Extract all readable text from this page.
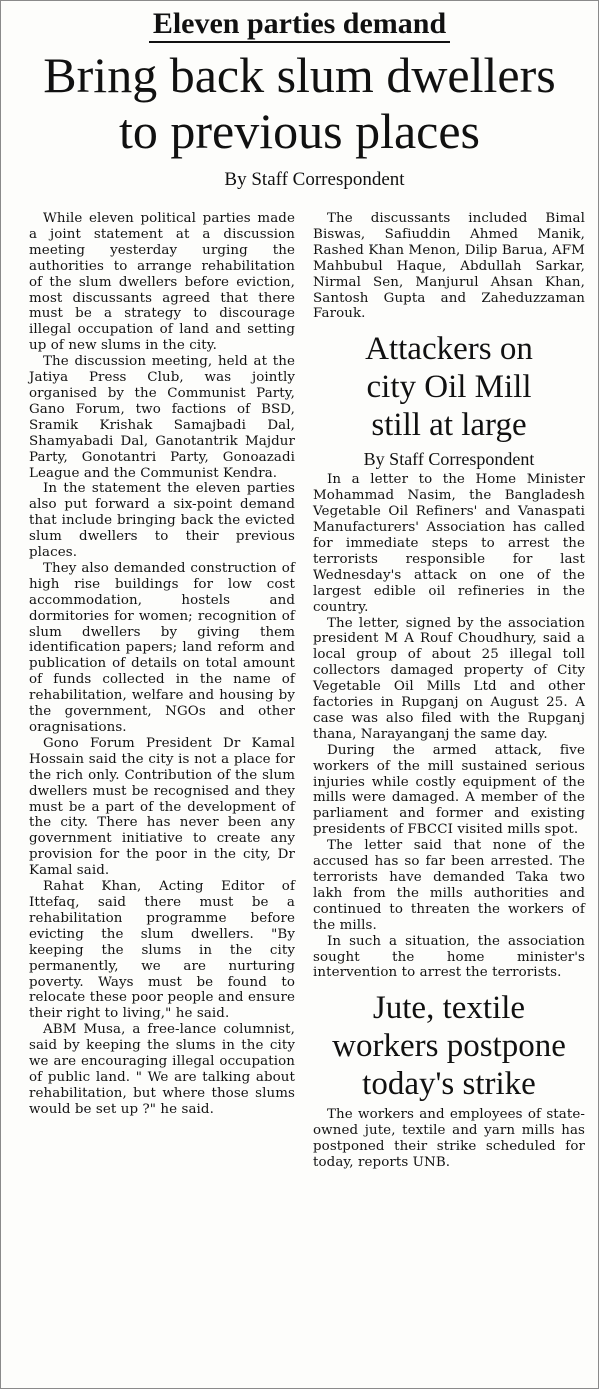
Eleven parties demand
Bring back slum dwellers
to previous places
By Staff Correspondent

While eleven political parties made a joint statement at a discussion meeting yesterday urging the authorities to arrange rehabilitation of the slum dwellers before eviction, most discussants agreed that there must be a strategy to discourage illegal occupation of land and setting up of new slums in the city.

The discussion meeting, held at the Jatiya Press Club, was jointly organised by the Communist Party, Gano Forum, two factions of BSD, Sramik Krishak Samajbadi Dal, Shamyabadi Dal, Ganotantrik Majdur Party, Gonotantri Party, Gonoazadi League and the Communist Kendra.

In the statement the eleven parties also put forward a six-point demand that include bringing back the evicted slum dwellers to their previous places.

They also demanded construction of high rise buildings for low cost accommodation, hostels and dormitories for women; recognition of slum dwellers by giving them identification papers; land reform and publication of details on total amount of funds collected in the name of rehabilitation, welfare and housing by the government, NGOs and other oragnisations.

Gono Forum President Dr Kamal Hossain said the city is not a place for the rich only. Contribution of the slum dwellers must be recognised and they must be a part of the development of the city. There has never been any government initiative to create any provision for the poor in the city, Dr Kamal said.

Rahat Khan, Acting Editor of Ittefaq, said there must be a rehabilitation programme before evicting the slum dwellers. "By keeping the slums in the city permanently, we are nurturing poverty. Ways must be found to relocate these poor people and ensure their right to living," he said.

ABM Musa, a free-lance columnist, said by keeping the slums in the city we are encouraging illegal occupation of public land. " We are talking about rehabilitation, but where those slums would be set up ?" he said.

The discussants included Bimal Biswas, Safiuddin Ahmed Manik, Rashed Khan Menon, Dilip Barua, AFM Mahbubul Haque, Abdullah Sarkar, Nirmal Sen, Manjurul Ahsan Khan, Santosh Gupta and Zaheduzzaman Farouk.

Attackers on
city Oil Mill
still at large
By Staff Correspondent

In a letter to the Home Minister Mohammad Nasim, the Bangladesh Vegetable Oil Refiners' and Vanaspati Manufacturers' Association has called for immediate steps to arrest the terrorists responsible for last Wednesday's attack on one of the largest edible oil refineries in the country.

The letter, signed by the association president M A Rouf Choudhury, said a local group of about 25 illegal toll collectors damaged property of City Vegetable Oil Mills Ltd and other factories in Rupganj on August 25. A case was also filed with the Rupganj thana, Narayanganj the same day.

During the armed attack, five workers of the mill sustained serious injuries while costly equipment of the mills were damaged. A member of the parliament and former and existing presidents of FBCCI visited mills spot.

The letter said that none of the accused has so far been arrested. The terrorists have demanded Taka two lakh from the mills authorities and continued to threaten the workers of the mills.

In such a situation, the association sought the home minister's intervention to arrest the terrorists.

Jute, textile
workers postpone
today's strike

The workers and employees of state-owned jute, textile and yarn mills has postponed their strike scheduled for today, reports UNB.
